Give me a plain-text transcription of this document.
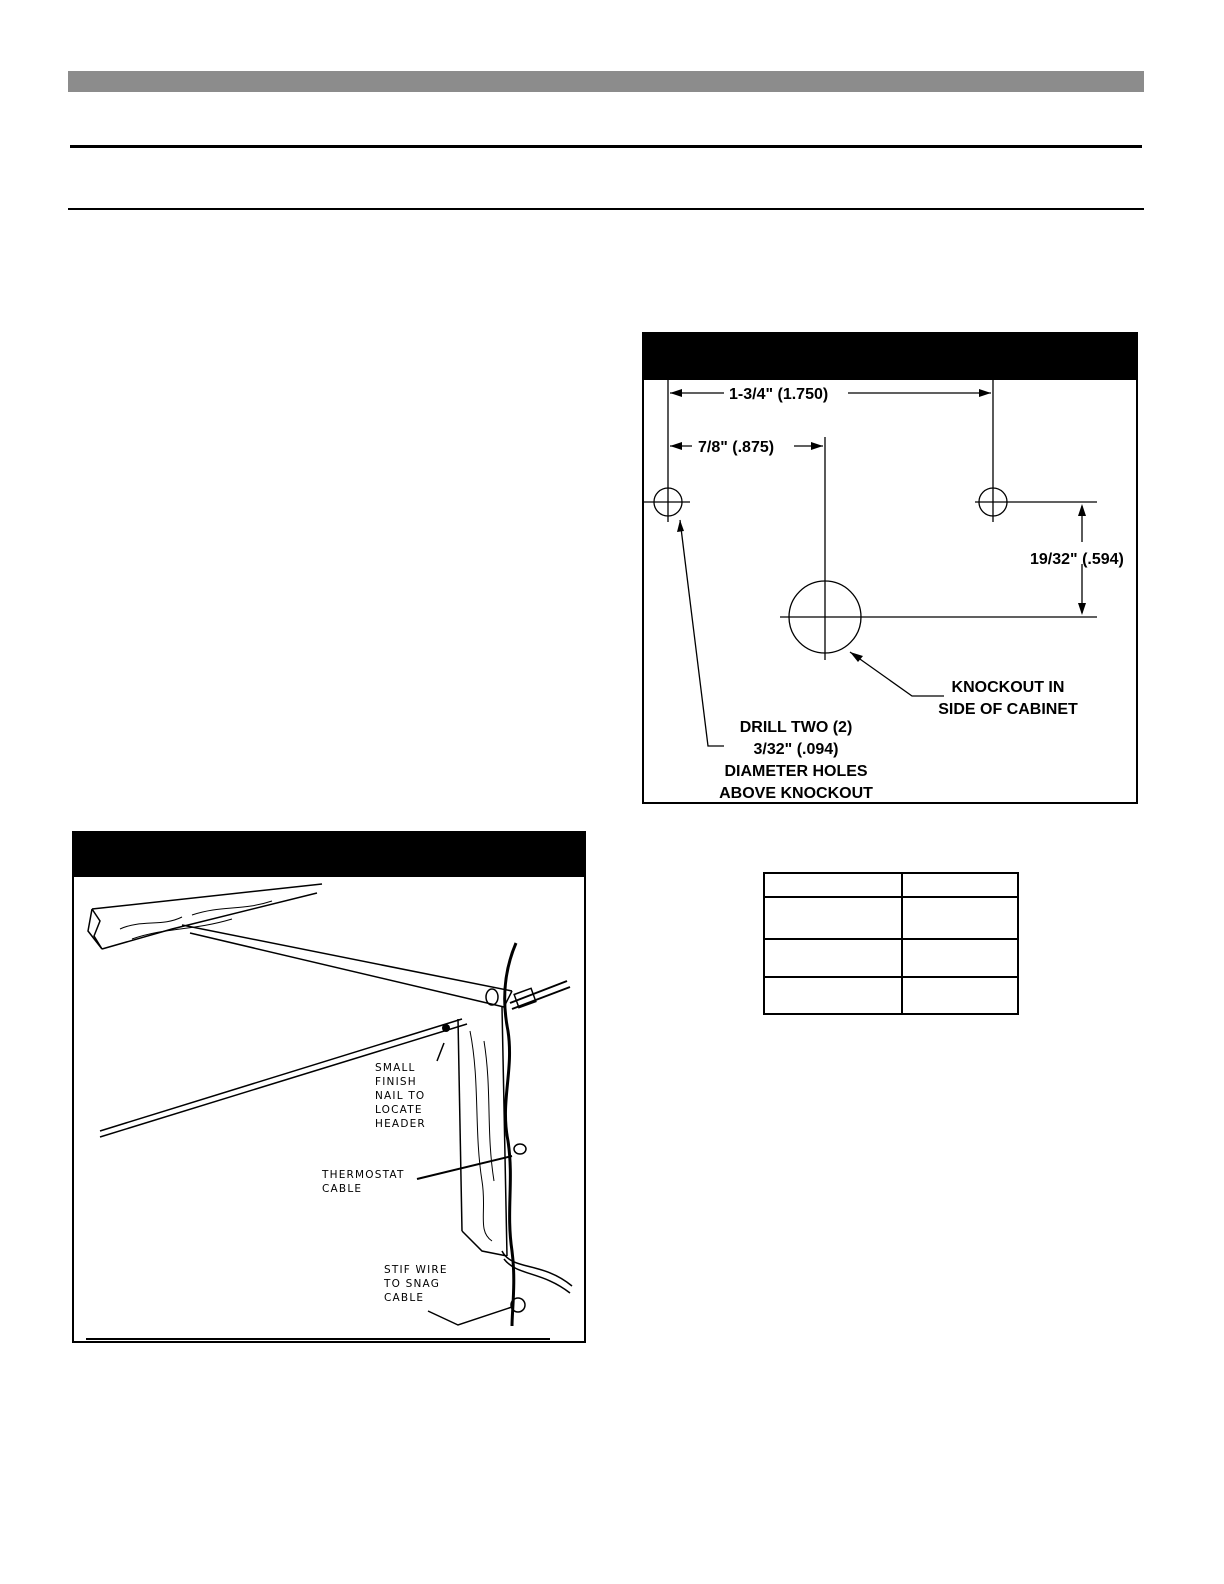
1-3/4" (1.750)
7/8" (.875)
19/32" (.594)
KNOCKOUT IN
SIDE OF CABINET
DRILL TWO (2)
3/32" (.094)
DIAMETER HOLES
ABOVE KNOCKOUT
SMALL
FINISH
NAIL TO
LOCATE
HEADER
THERMOSTAT
CABLE
STIF WIRE
TO SNAG
CABLE
